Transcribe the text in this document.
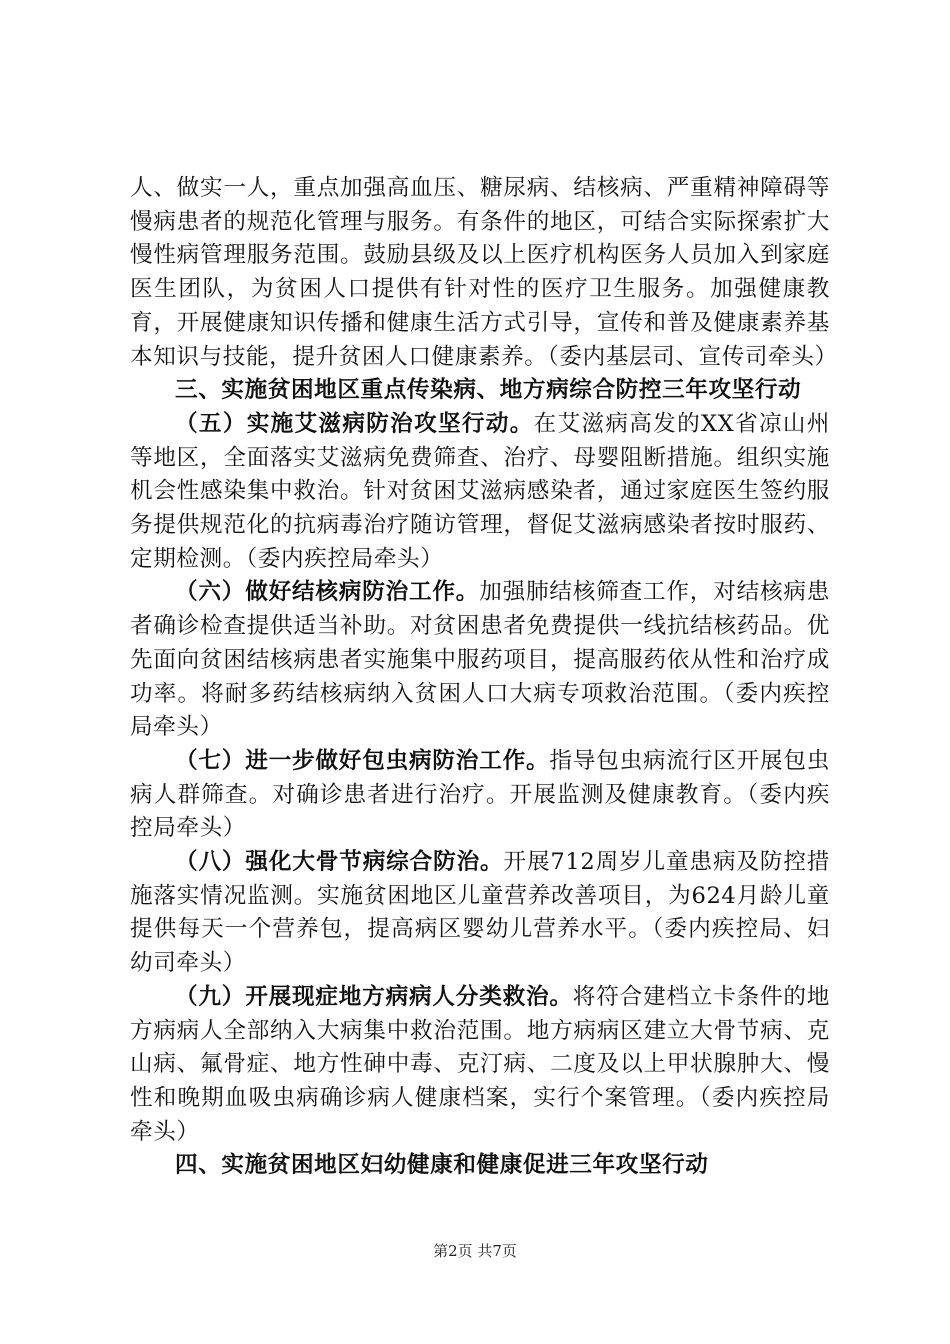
人、做实一人，重点加强高血压、糖尿病、结核病、严重精神障碍等慢病患者的规范化管理与服务。有条件的地区，可结合实际探索扩大慢性病管理服务范围。鼓励县级及以上医疗机构医务人员加入到家庭医生团队，为贫困人口提供有针对性的医疗卫生服务。加强健康教育，开展健康知识传播和健康生活方式引导，宣传和普及健康素养基本知识与技能，提升贫困人口健康素养。（委内基层司、宣传司牵头）

三、实施贫困地区重点传染病、地方病综合防控三年攻坚行动

（五）实施艾滋病防治攻坚行动。在艾滋病高发的XX省凉山州等地区，全面落实艾滋病免费筛查、治疗、母婴阻断措施。组织实施机会性感染集中救治。针对贫困艾滋病感染者，通过家庭医生签约服务提供规范化的抗病毒治疗随访管理，督促艾滋病感染者按时服药、定期检测。（委内疾控局牵头）

（六）做好结核病防治工作。加强肺结核筛查工作，对结核病患者确诊检查提供适当补助。对贫困患者免费提供一线抗结核药品。优先面向贫困结核病患者实施集中服药项目，提高服药依从性和治疗成功率。将耐多药结核病纳入贫困人口大病专项救治范围。（委内疾控局牵头）

（七）进一步做好包虫病防治工作。指导包虫病流行区开展包虫病人群筛查。对确诊患者进行治疗。开展监测及健康教育。（委内疾控局牵头）

（八）强化大骨节病综合防治。开展712周岁儿童患病及防控措施落实情况监测。实施贫困地区儿童营养改善项目，为624月龄儿童提供每天一个营养包，提高病区婴幼儿营养水平。（委内疾控局、妇幼司牵头）

（九）开展现症地方病病人分类救治。将符合建档立卡条件的地方病病人全部纳入大病集中救治范围。地方病病区建立大骨节病、克山病、氟骨症、地方性砷中毒、克汀病、二度及以上甲状腺肿大、慢性和晚期血吸虫病确诊病人健康档案，实行个案管理。（委内疾控局牵头）

四、实施贫困地区妇幼健康和健康促进三年攻坚行动

第2页 共7页
